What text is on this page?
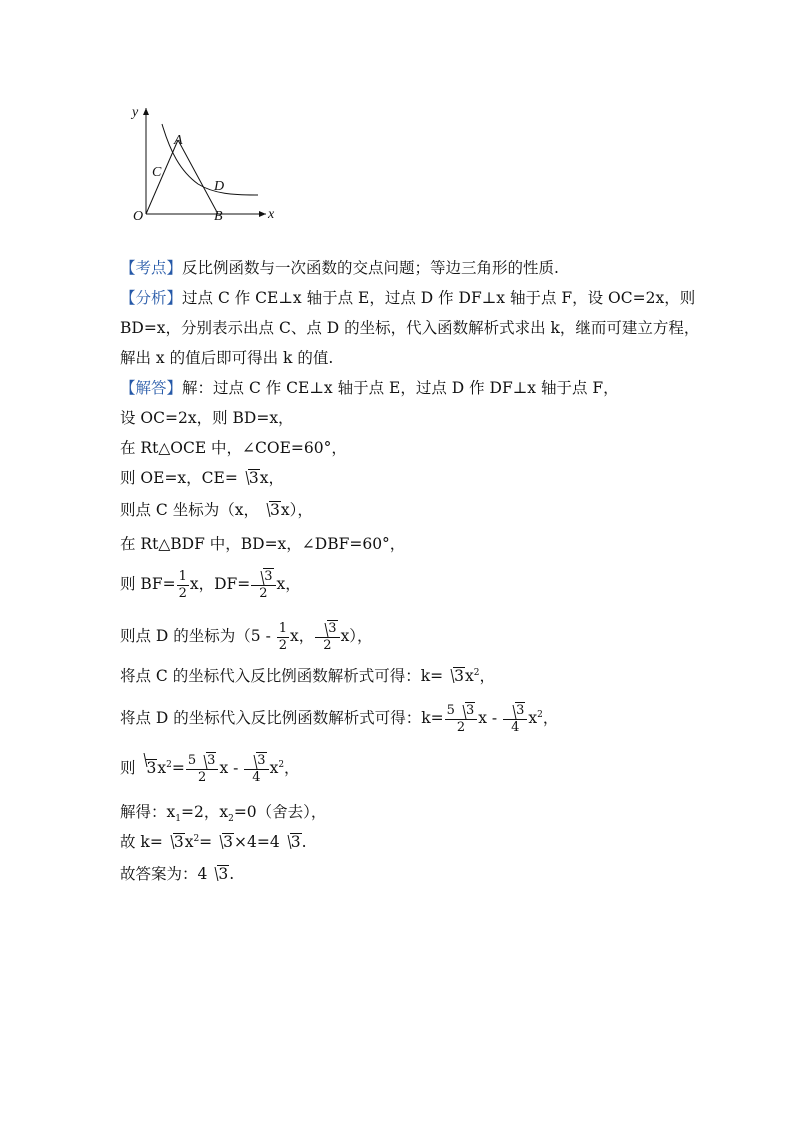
y
x
O
A
B
C
D
【考点】反比例函数与一次函数的交点问题；等边三角形的性质.
【分析】过点 C 作 CE⊥x 轴于点 E，过点 D 作 DF⊥x 轴于点 F，设 OC=2x，则
BD=x，分别表示出点 C、点 D 的坐标，代入函数解析式求出 k，继而可建立方程，
解出 x 的值后即可得出 k 的值.
【解答】解：过点 C 作 CE⊥x 轴于点 E，过点 D 作 DF⊥x 轴于点 F，
设 OC=2x，则 BD=x，
在 Rt△OCE 中，∠COE=60°，
则 OE=x，CE= 3x，
则点 C 坐标为（x， 3x），
在 Rt△BDF 中，BD=x，∠DBF=60°，
则 $BF= \frac{1}{2}$ x，$DF= \frac{3}{2}$ x，
则点 D 的坐标为（$5 - \frac{1}{2}$ x， $\frac{3}{2} x$），
将点 C 的坐标代入反比例函数解析式可得：$k= 3x^2$，
将点 D 的坐标代入反比例函数解析式可得：$k= \frac{5 3}{2}$ x - $\frac{3}{4} x^2$，
则 $3x^2= \frac{5 3}{2}$ x - $\frac{3}{4} x^2$，
解得：$x_1=2$，$x_2=0$（舍去），
故 $k= 3x^2= 3\times 4=4$ 3.
故答案为：4 3.
